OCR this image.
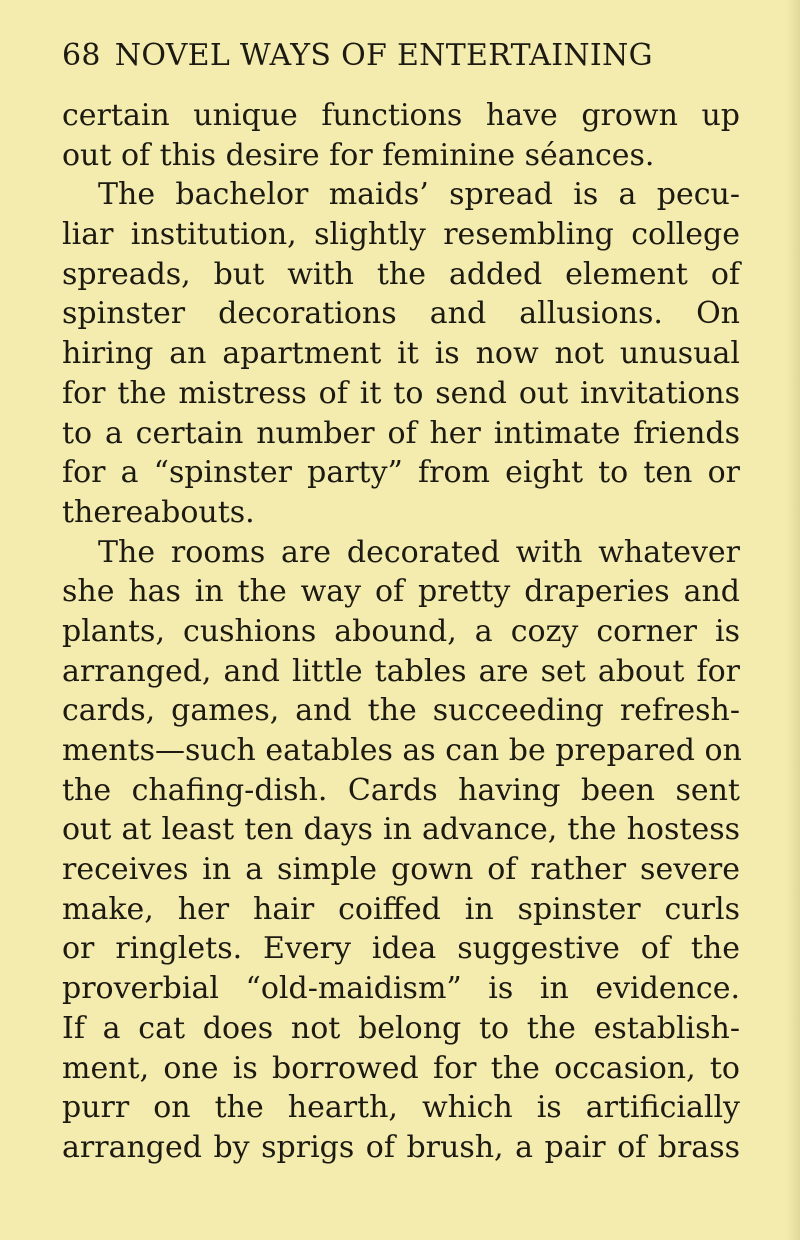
68 NOVEL WAYS OF ENTERTAINING
certain unique functions have grown up
out of this desire for feminine séances.
The bachelor maids’ spread is a pecu-
liar institution, slightly resembling college
spreads, but with the added element of
spinster decorations and allusions. On
hiring an apartment it is now not unusual
for the mistress of it to send out invitations
to a certain number of her intimate friends
for a “spinster party” from eight to ten or
thereabouts.
The rooms are decorated with whatever
she has in the way of pretty draperies and
plants, cushions abound, a cozy corner is
arranged, and little tables are set about for
cards, games, and the succeeding refresh-
ments—such eatables as can be prepared on
the chafing-dish. Cards having been sent
out at least ten days in advance, the hostess
receives in a simple gown of rather severe
make, her hair coiffed in spinster curls
or ringlets. Every idea suggestive of the
proverbial “old-maidism” is in evidence.
If a cat does not belong to the establish-
ment, one is borrowed for the occasion, to
purr on the hearth, which is artificially
arranged by sprigs of brush, a pair of brass
